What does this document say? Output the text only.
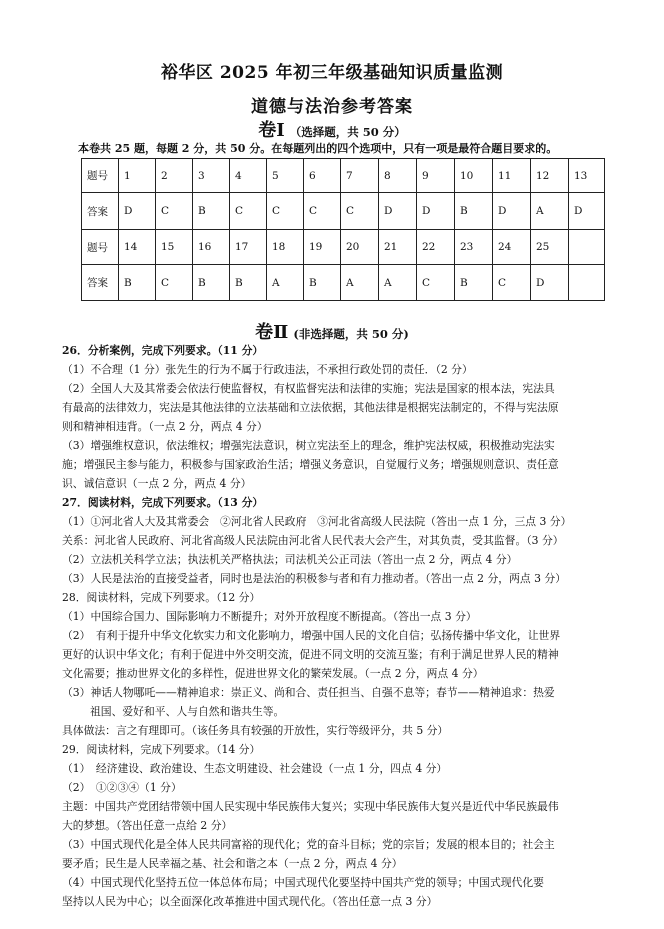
裕华区 2025 年初三年级基础知识质量监测
道德与法治参考答案
卷Ⅰ （选择题，共 50 分）
本卷共 25 题，每题 2 分，共 50 分。在每题列出的四个选项中，只有一项是最符合题目要求的。
题号	1	2	3	4	5	6	7	8	9	10	11	12	13
答案	D	C	B	C	C	C	C	D	D	B	D	A	D
题号	14	15	16	17	18	19	20	21	22	23	24	25	
答案	B	C	B	B	A	B	A	A	C	B	C	D	
卷Ⅱ (非选择题，共 50 分)

26．分析案例，完成下列要求。（11 分）

（1）不合理（1 分）张先生的行为不属于行政违法，不承担行政处罚的责任．（2 分）

（2）全国人大及其常委会依法行使监督权，有权监督宪法和法律的实施；宪法是国家的根本法，宪法具

有最高的法律效力，宪法是其他法律的立法基础和立法依据，其他法律是根据宪法制定的，不得与宪法原

则和精神相违背。（一点 2 分，两点 4 分）

（3）增强维权意识，依法维权；增强宪法意识，树立宪法至上的理念，维护宪法权威，积极推动宪法实

施；增强民主参与能力，积极参与国家政治生活；增强义务意识，自觉履行义务；增强规则意识、责任意

识、诚信意识（一点 2 分，两点 4 分）

27．阅读材料，完成下列要求。（13 分）

（1）①河北省人大及其常委会　②河北省人民政府　③河北省高级人民法院（答出一点 1 分，三点 3 分）

关系：河北省人民政府、河北省高级人民法院由河北省人民代表大会产生，对其负责，受其监督。（3 分）

（2）立法机关科学立法；执法机关严格执法；司法机关公正司法（答出一点 2 分，两点 4 分）

（3）人民是法治的直接受益者，同时也是法治的积极参与者和有力推动者。（答出一点 2 分，两点 3 分）

28．阅读材料，完成下列要求。（12 分）

（1）中国综合国力、国际影响力不断提升；对外开放程度不断提高。（答出一点 3 分）

（2）　有利于提升中华文化软实力和文化影响力，增强中国人民的文化自信；弘扬传播中华文化，让世界

更好的认识中华文化；有利于促进中外交明交流，促进不同文明的交流互鉴；有利于满足世界人民的精神

文化需要；推动世界文化的多样性，促进世界文化的繁荣发展。（一点 2 分，两点 4 分）

（3）神话人物哪吒——精神追求：崇正义、尚和合、责任担当、自强不息等；春节——精神追求：热爱

祖国、爱好和平、人与自然和谐共生等。

具体做法：言之有理即可。（该任务具有较强的开放性，实行等级评分，共 5 分）

29．阅读材料，完成下列要求。（14 分）

（1）　经济建设、政治建设、生态文明建设、社会建设（一点 1 分，四点 4 分）

（2）　①②③④（1 分）

主题：中国共产党团结带领中国人民实现中华民族伟大复兴；实现中华民族伟大复兴是近代中华民族最伟

大的梦想。（答出任意一点给 2 分）

（3）中国式现代化是全体人民共同富裕的现代化；党的奋斗目标；党的宗旨；发展的根本目的；社会主

要矛盾；民生是人民幸福之基、社会和谐之本（一点 2 分，两点 4 分）

（4）中国式现代化坚持五位一体总体布局；中国式现代化要坚持中国共产党的领导；中国式现代化要

坚持以人民为中心；以全面深化改革推进中国式现代化。（答出任意一点 3 分）
